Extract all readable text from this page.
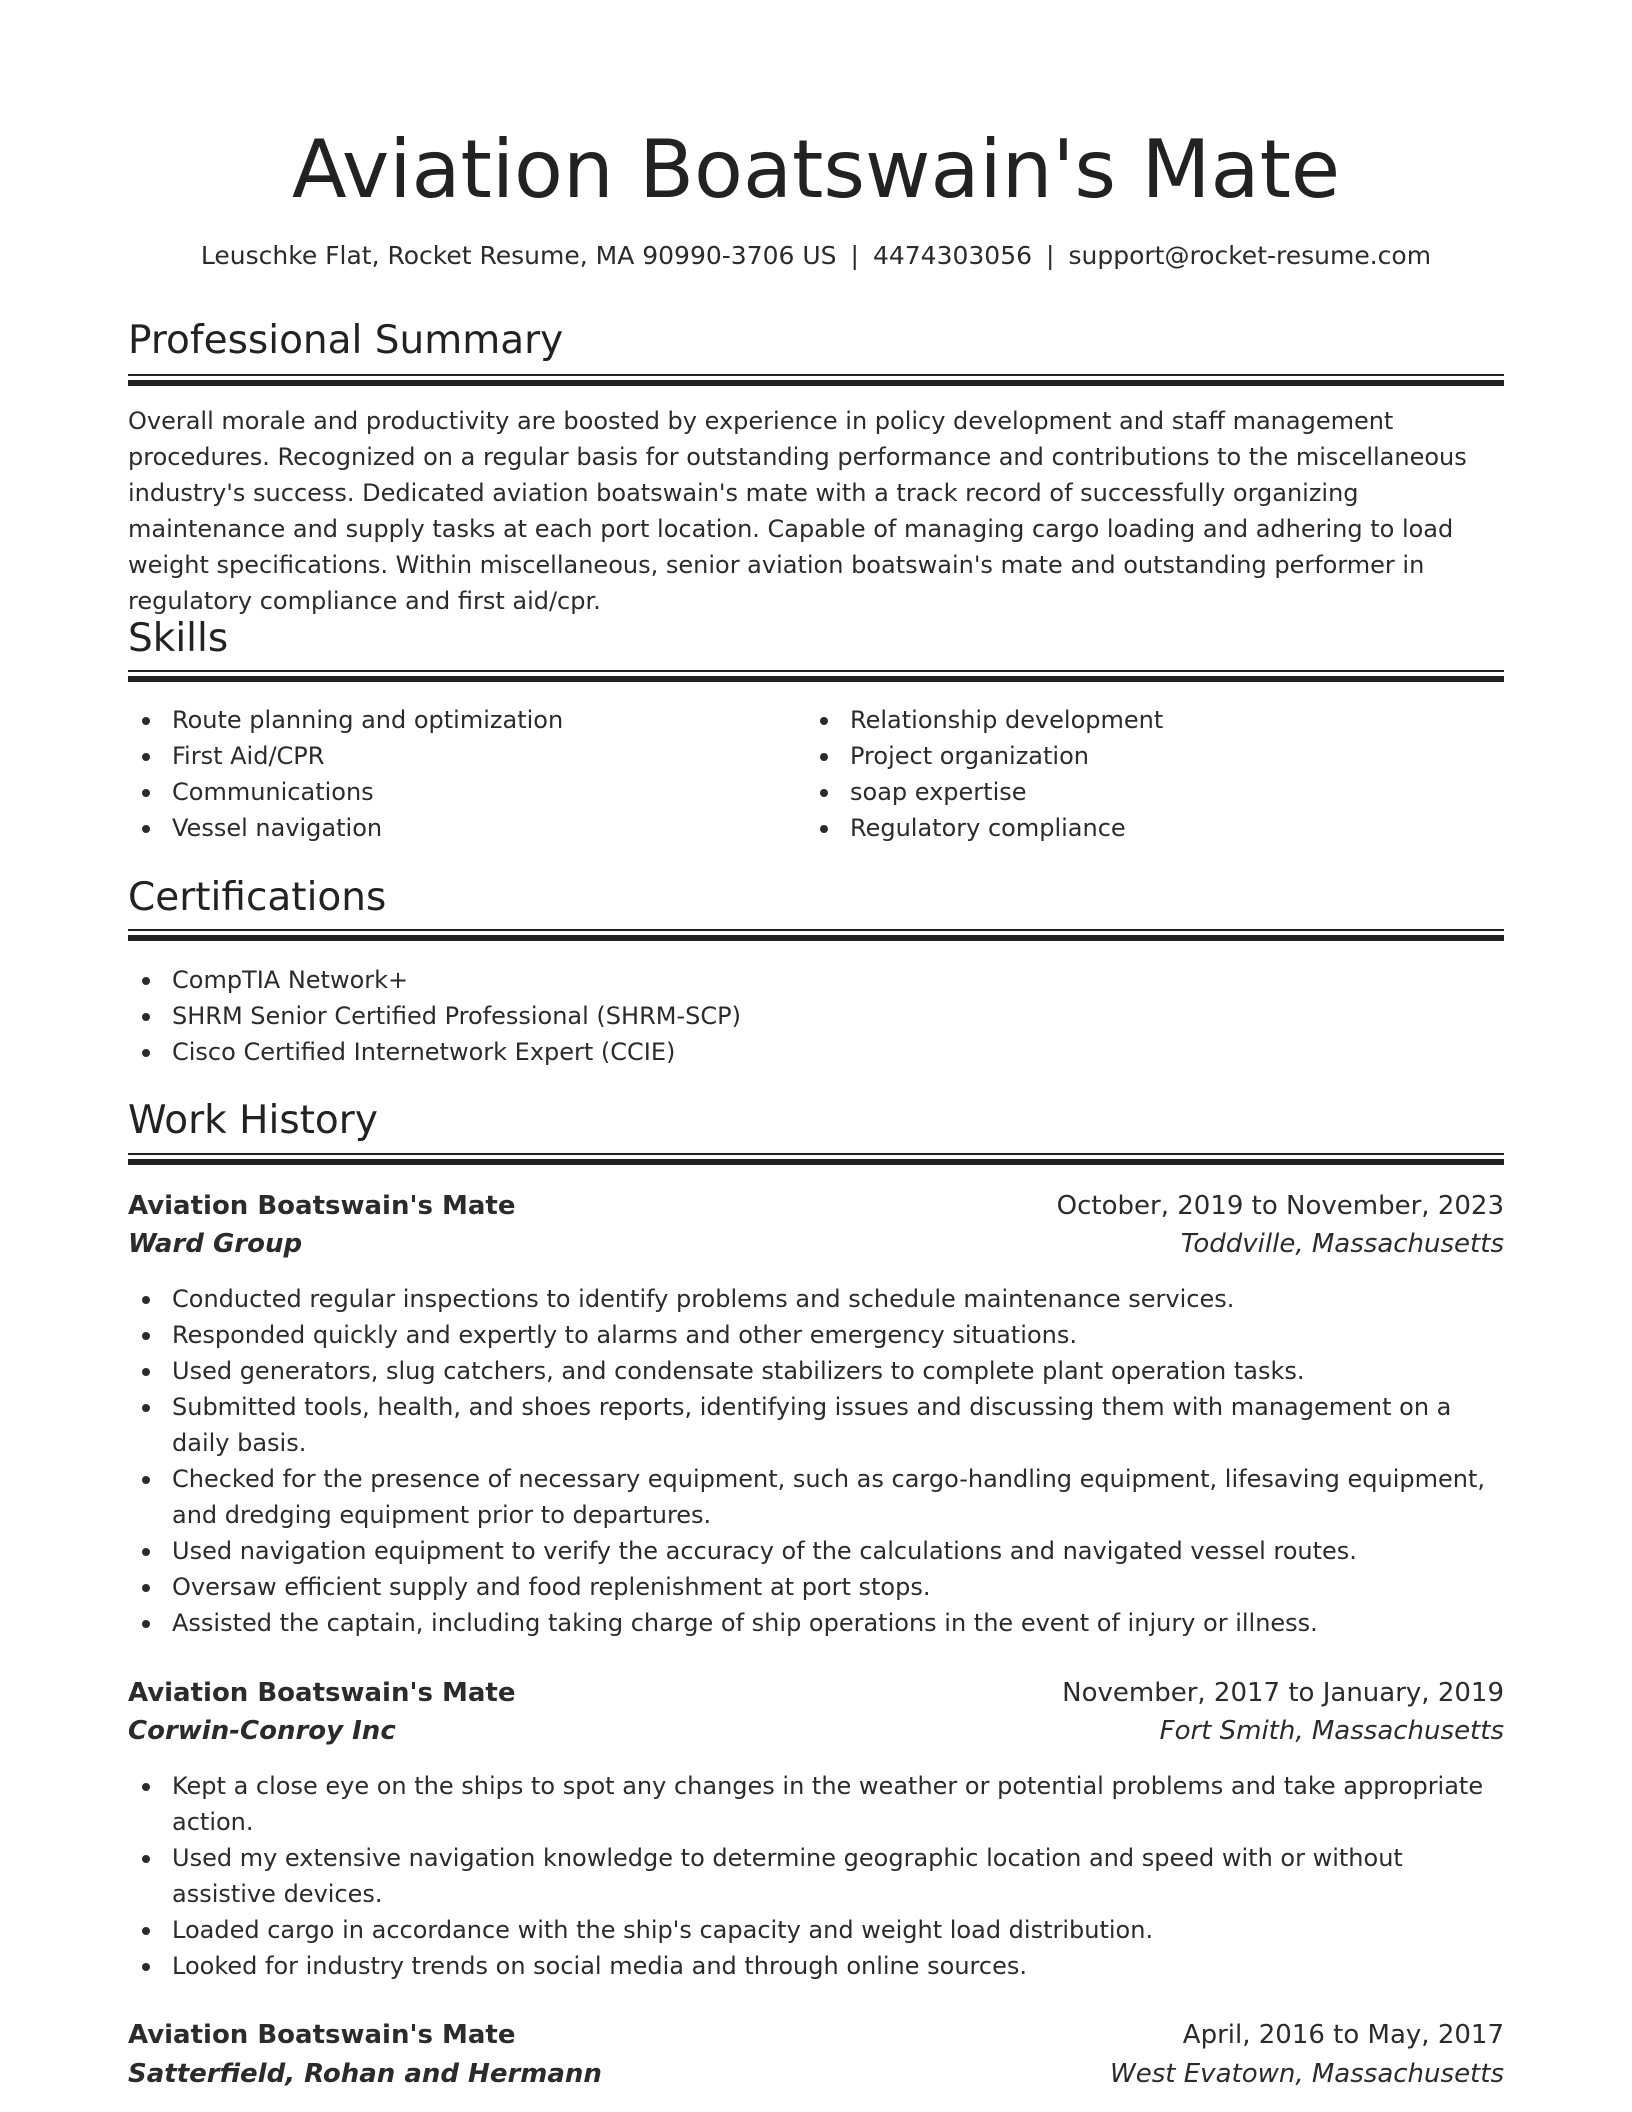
Aviation Boatswain's Mate
Leuschke Flat, Rocket Resume, MA 90990-3706 US | 4474303056 | support@rocket-resume.com
Professional Summary

Overall morale and productivity are boosted by experience in policy development and staff management procedures. Recognized on a regular basis for outstanding performance and contributions to the miscellaneous industry's success. Dedicated aviation boatswain's mate with a track record of successfully organizing maintenance and supply tasks at each port location. Capable of managing cargo loading and adhering to load weight specifications. Within miscellaneous, senior aviation boatswain's mate and outstanding performer in regulatory compliance and first aid/cpr.

Skills
Route planning and optimization
First Aid/CPR
Communications
Vessel navigation
Relationship development
Project organization
soap expertise
Regulatory compliance
Certifications
CompTIA Network+
SHRM Senior Certified Professional (SHRM-SCP)
Cisco Certified Internetwork Expert (CCIE)
Work History
Aviation Boatswain's Mate	October, 2019 to November, 2023
Ward Group	Toddville, Massachusetts
Conducted regular inspections to identify problems and schedule maintenance services.
Responded quickly and expertly to alarms and other emergency situations.
Used generators, slug catchers, and condensate stabilizers to complete plant operation tasks.
Submitted tools, health, and shoes reports, identifying issues and discussing them with management on a daily basis.
Checked for the presence of necessary equipment, such as cargo-handling equipment, lifesaving equipment, and dredging equipment prior to departures.
Used navigation equipment to verify the accuracy of the calculations and navigated vessel routes.
Oversaw efficient supply and food replenishment at port stops.
Assisted the captain, including taking charge of ship operations in the event of injury or illness.
Aviation Boatswain's Mate	November, 2017 to January, 2019
Corwin-Conroy Inc	Fort Smith, Massachusetts
Kept a close eye on the ships to spot any changes in the weather or potential problems and take appropriate action.
Used my extensive navigation knowledge to determine geographic location and speed with or without assistive devices.
Loaded cargo in accordance with the ship's capacity and weight load distribution.
Looked for industry trends on social media and through online sources.
Aviation Boatswain's Mate	April, 2016 to May, 2017
Satterfield, Rohan and Hermann	West Evatown, Massachusetts
